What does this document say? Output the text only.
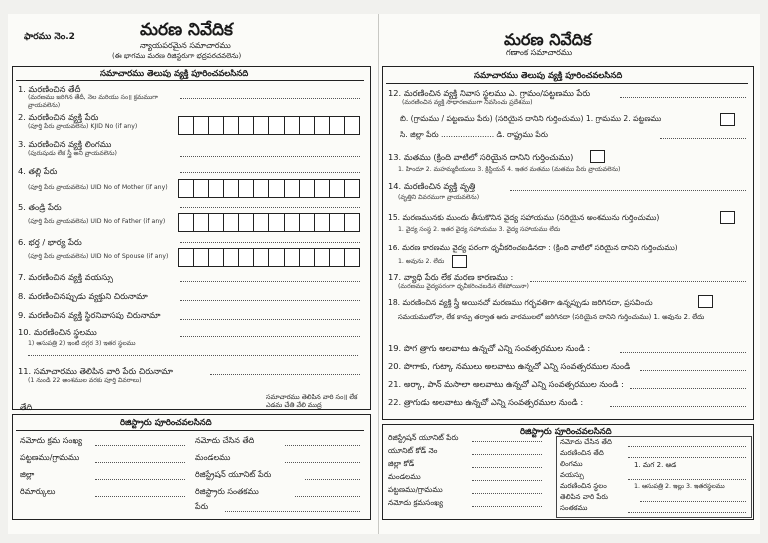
ఫారము నెం.2	మరణ నివేదిక
న్యాయపరమైన సమాచారము
(ఈ భాగము మరణ రిజిస్టరుగా భద్రపరచవలెను)
సమాచారము తెలుపు వ్యక్తి పూరించవలసినది
1. మరణించిన తేదీ
(మరణము జరిగిన తేదీ, నెల మరియు సం॥ క్రమముగా వ్రాయవలెను)
2. మరణించిన వ్యక్తి పేరు
(పూర్తి పేరు వ్రాయవలెను) KJID No (if any)
3. మరణించిన వ్యక్తి లింగము
(పురుషుడు లేక స్త్రీ అని వ్రాయవలెను)
4. తల్లి పేరు
(పూర్తి పేరు వ్రాయవలెను) UID No of Mother (if any)
5. తండ్రి పేరు
(పూర్తి పేరు వ్రాయవలెను) UID No of Father (if any)
6. భర్త / భార్య పేరు
(పూర్తి పేరు వ్రాయవలెను) UID No of Spouse (if any)
7. మరణించిన వ్యక్తి వయస్సు
8. మరణించినప్పుడు వ్యక్తుని చిరునామా
9. మరణించిన వ్యక్తి స్థిరనివాసపు చిరునామా
10. మరణించిన స్థలము
1) ఆసుపత్రి 2) ఇంటి దగ్గర 3) ఇతర స్థలము
11. సమాచారము తెలిపిన వారి పేరు చిరునామా
(1 నుండి 22 అంశముల వరకు పూర్తి వివరాలు)
తేది
సమాచారము తెలిపిన వారి సం॥ లేక ఎడమ చేతి వేలి ముద్ర
రిజిస్ట్రారు పూరించవలసినది
నమోదు క్రమ సంఖ్య	నమోదు చేసిన తేది
పట్టణము/గ్రామము	మండలము
జిల్లా	రిజిస్ట్రేషన్ యూనిట్ పేరు
రిమార్కులు	రిజిస్ట్రారు సంతకము
పేరు
మరణ నివేదిక
గణాంక సమాచారము
సమాచారము తెలుపు వ్యక్తి పూరించవలసినది
12. మరణించిన వ్యక్తి నివాస స్థలము ఎ. గ్రామం/పట్టణము పేరు
(మరణించిన వ్యక్తి సాధారణముగా నివసించు ప్రదేశము)
బి. (గ్రామము / పట్టణము పేరు) (సరియైన దానిని గుర్తించుము) 1. గ్రామము 2. పట్టణము
సి. జిల్లా పేరు ...................... డి. రాష్ట్రము పేరు
13. మతము (క్రింది వాటిలో సరియైన దానిని గుర్తించుము)
1. హిందూ 2. మహమ్మదీయులు 3. క్రిస్టియన్ 4. ఇతర మతము (మతము పేరు వ్రాయవలెను)
14. మరణించిన వ్యక్తి వృత్తి
(వృత్తిని వివరముగా వ్రాయవలెను)
15. మరణమునకు ముందు తీసుకొనిన వైద్య సహాయము (సరియైన అంశమును గుర్తించుము)
1. వైద్య సంస్థ 2. ఇతర వైద్య సహాయము 3. వైద్య సహాయము లేదు
16. మరణ కారణము వైద్య పరంగా ధృవీకరించబడినదా : (క్రింది వాటిలో సరియైన దానిని గుర్తించుము)
1. అవును 2. లేదు
17. వ్యాధి పేరు లేక మరణ కారణము :
(మరణము వైద్యపరంగా ధృవీకరించబడిన లేకపోయినా)
18. మరణించిన వ్యక్తి స్త్రీ అయినచో మరణము గర్భవతిగా ఉన్నప్పుడు జరిగినదా, ప్రసవించు
సమయములోనా, లేక కాన్పు తర్వాత ఆరు వారములలో జరిగినదా (సరియైన దానిని గుర్తించుము) 1. అవును 2. లేదు
19. పొగ త్రాగు అలవాటు ఉన్నచో ఎన్ని సంవత్సరముల నుండి :
20. పొగాకు, గుట్కా నములు అలవాటు ఉన్నచో ఎన్ని సంవత్సరముల నుండి
21. అర్కా, పాన్ మసాలా అలవాటు ఉన్నచో ఎన్ని సంవత్సరముల నుండి :
22. త్రాగుడు అలవాటు ఉన్నచో ఎన్ని సంవత్సరముల నుండి :
రిజిస్ట్రారు పూరించవలసినది
రిజిస్ట్రేషన్ యూనిట్ పేరు
యూనిట్ కోడ్ నెం
జిల్లా కోడ్
మండలము
పట్టణము/గ్రామము
నమోదు క్రమసంఖ్య
నమోదు చేసిన తేది
మరణించిన తేది
లింగము	1. మగ 2. ఆడ
వయస్సు
మరణించిన స్థలం	1. ఆసుపత్రి 2. ఇల్లు 3. ఇతరస్థలము
తెలిపిన వారి పేరు
సంతకము
